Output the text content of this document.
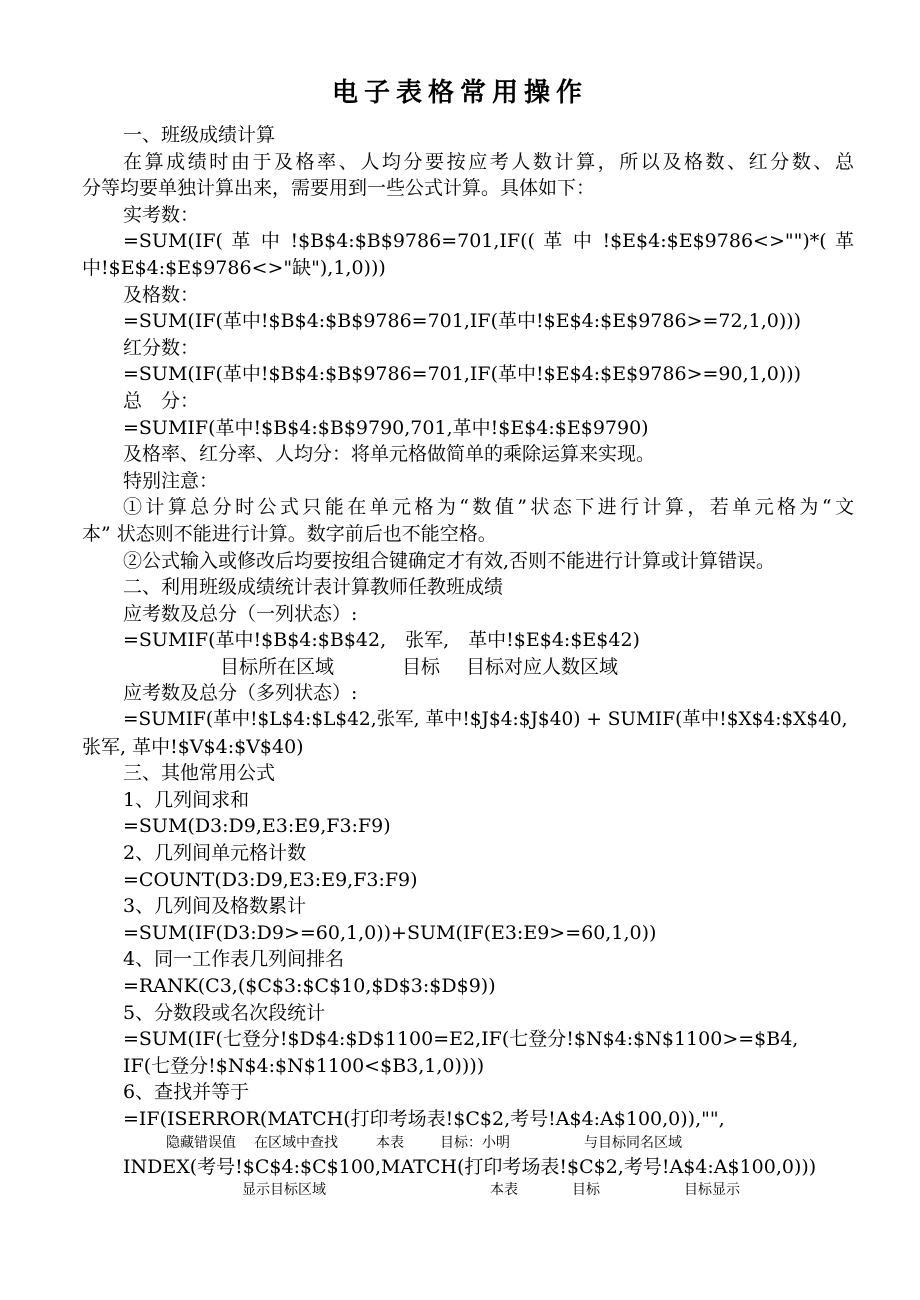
电子表格常用操作

一、班级成绩计算

在算成绩时由于及格率、人均分要按应考人数计算，所以及格数、红分数、总

分等均要单独计算出来，需要用到一些公式计算。具体如下：

实考数：

=SUM(IF( 革 中 !$B$4:$B$9786=701,IF(( 革 中 !$E$4:$E$9786<>"")*( 革

中!$E$4:$E$9786<>"缺"),1,0)))

及格数：

=SUM(IF(革中!$B$4:$B$9786=701,IF(革中!$E$4:$E$9786>=72,1,0)))

红分数：

=SUM(IF(革中!$B$4:$B$9786=701,IF(革中!$E$4:$E$9786>=90,1,0)))

总　分：

=SUMIF(革中!$B$4:$B$9790,701,革中!$E$4:$E$9790)

及格率、红分率、人均分：将单元格做简单的乘除运算来实现。

特别注意：

①计算总分时公式只能在单元格为“数值”状态下进行计算，若单元格为“文

本” 状态则不能进行计算。数字前后也不能空格。

②公式输入或修改后均要按组合键确定才有效,否则不能进行计算或计算错误。

二、利用班级成绩统计表计算教师任教班成绩

应考数及总分（一列状态）:

=SUMIF(革中!$B$4:$B$42,　张军,　革中!$E$4:$E$42)

目标所在区域	目标 目标对应人数区域

应考数及总分（多列状态）:

=SUMIF(革中!$L$4:$L$42,张军, 革中!$J$4:$J$40) + SUMIF(革中!$X$4:$X$40,

张军, 革中!$V$4:$V$40)

三、其他常用公式

1、几列间求和

=SUM(D3:D9,E3:E9,F3:F9)

2、几列间单元格计数

=COUNT(D3:D9,E3:E9,F3:F9)

3、几列间及格数累计

=SUM(IF(D3:D9>=60,1,0))+SUM(IF(E3:E9>=60,1,0))

4、同一工作表几列间排名

=RANK(C3,($C$3:$C$10,$D$3:$D$9))

5、分数段或名次段统计

=SUM(IF(七登分!$D$4:$D$1100=E2,IF(七登分!$N$4:$N$1100>=$B4,

IF(七登分!$N$4:$N$1100<$B3,1,0))))

6、查找并等于

=IF(ISERROR(MATCH(打印考场表!$C$2,考号!A$4:A$100,0)),"",

隐藏错误值 在区域中查找	本表	目标：小明	与目标同名区域

INDEX(考号!$C$4:$C$100,MATCH(打印考场表!$C$2,考号!A$4:A$100,0)))

显示目标区域	本表	目标	目标显示
